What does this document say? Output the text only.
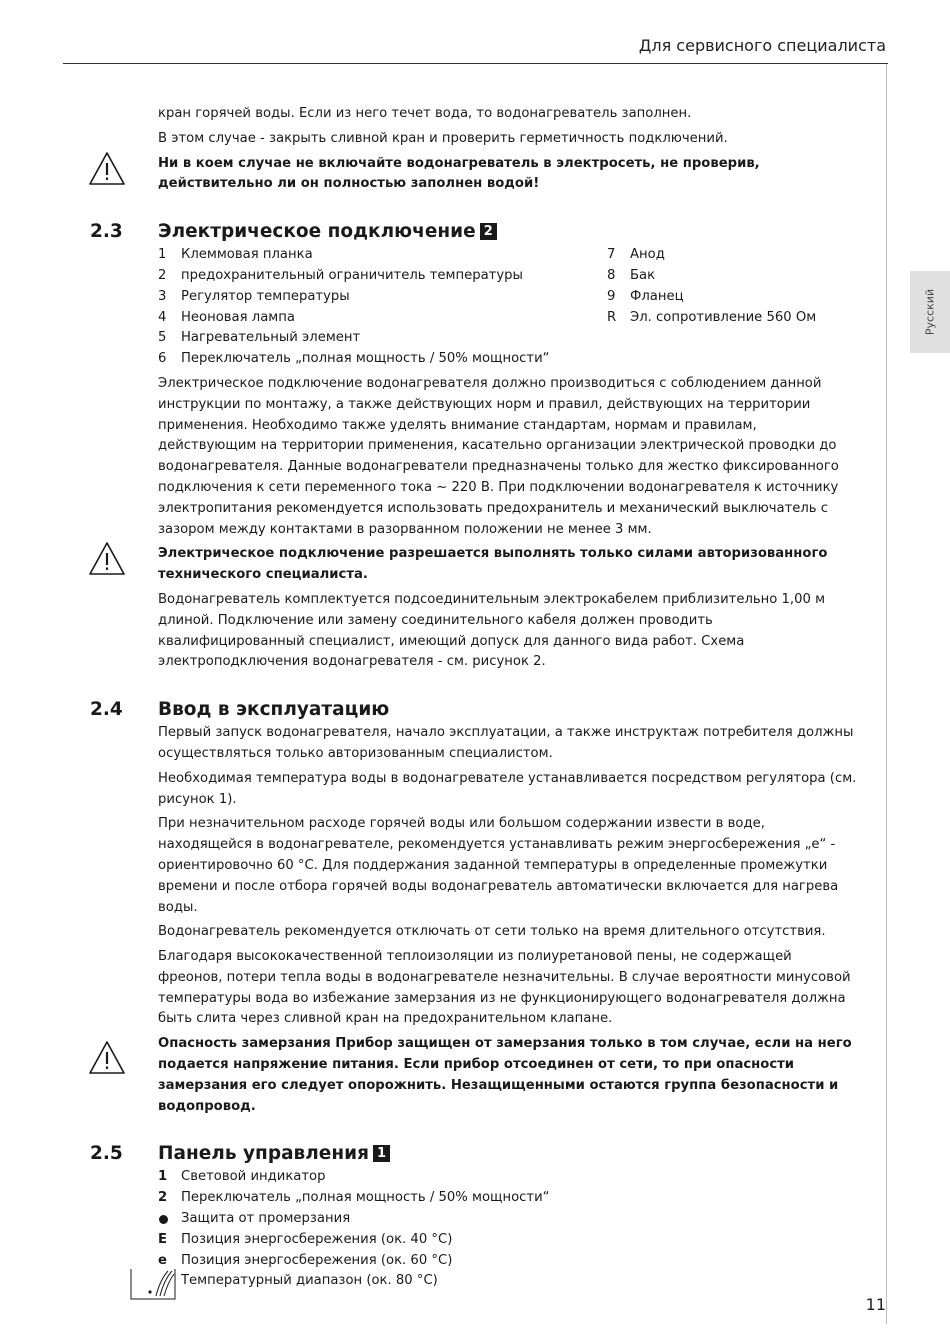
Для сервисного специалиста
Русский

кран горячей воды. Если из него течет вода, то водонагреватель заполнен.

В этом случае - закрыть сливной кран и проверить герметичность подключений.

Ни в коем случае не включайте водонагреватель в электросеть, не проверив, действительно ли он полностью заполнен водой!

2.3 Электрическое подключение 2
1	Клеммовая планка
2	предохранительный ограничитель температуры
3	Регулятор температуры
4	Неоновая лампа
5	Нагревательный элемент
6	Переключатель „полная мощность / 50% мощности“
7	Анод
8	Бак
9	Фланец
R	Эл. сопротивление 560 Ом

Электрическое подключение водонагревателя должно производиться с соблюдением данной инструкции по монтажу, а также действующих норм и правил, действующих на территории применения. Необходимо также уделять внимание стандартам, нормам и правилам, действующим на территории применения, касательно организации электрической проводки до водонагревателя. Данные водонагреватели предназначены только для жестко фиксированного подключения к сети переменного тока ~ 220 В. При подключении водонагревателя к источнику электропитания рекомендуется использовать предохранитель и механический выключатель с зазором между контактами в разорванном положении не менее 3 мм.

Электрическое подключение разрешается выполнять только силами авторизованного технического специалиста.

Водонагреватель комплектуется подсоединительным электрокабелем приблизительно 1,00 м длиной. Подключение или замену соединительного кабеля должен проводить квалифицированный специалист, имеющий допуск для данного вида работ. Схема электроподключения водонагревателя - см. рисунок 2.

2.4 Ввод в эксплуатацию

Первый запуск водонагревателя, начало эксплуатации, а также инструктаж потребителя должны осуществляться только авторизованным специалистом.

Необходимая температура воды в водонагревателе устанавливается посредством регулятора (см. рисунок 1).

При незначительном расходе горячей воды или большом содержании извести в воде, находящейся в водонагревателе, рекомендуется устанавливать режим энергосбережения „e“ - ориентировочно 60 °C. Для поддержания заданной температуры в определенные промежутки времени и после отбора горячей воды водонагреватель автоматически включается для нагрева воды.

Водонагреватель рекомендуется отключать от сети только на время длительного отсутствия.

Благодаря высококачественной теплоизоляции из полиуретановой пены, не содержащей фреонов, потери тепла воды в водонагревателе незначительны. В случае вероятности минусовой температуры вода во избежание замерзания из не функционирующего водонагревателя должна быть слита через сливной кран на предохранительном клапане.

Опасность замерзания Прибор защищен от замерзания только в том случае, если на него подается напряжение питания. Если прибор отсоединен от сети, то при опасности замерзания его следует опорожнить. Незащищенными остаются группа безопасности и водопровод.

2.5 Панель управления 1
1	Световой индикатор
2	Переключатель „полная мощность / 50% мощности“
Защита от промерзания
E	Позиция энергосбережения (ок. 40 °C)
e	Позиция энергосбережения (ок. 60 °C)
Температурный диапазон (ок. 80 °C)
11
